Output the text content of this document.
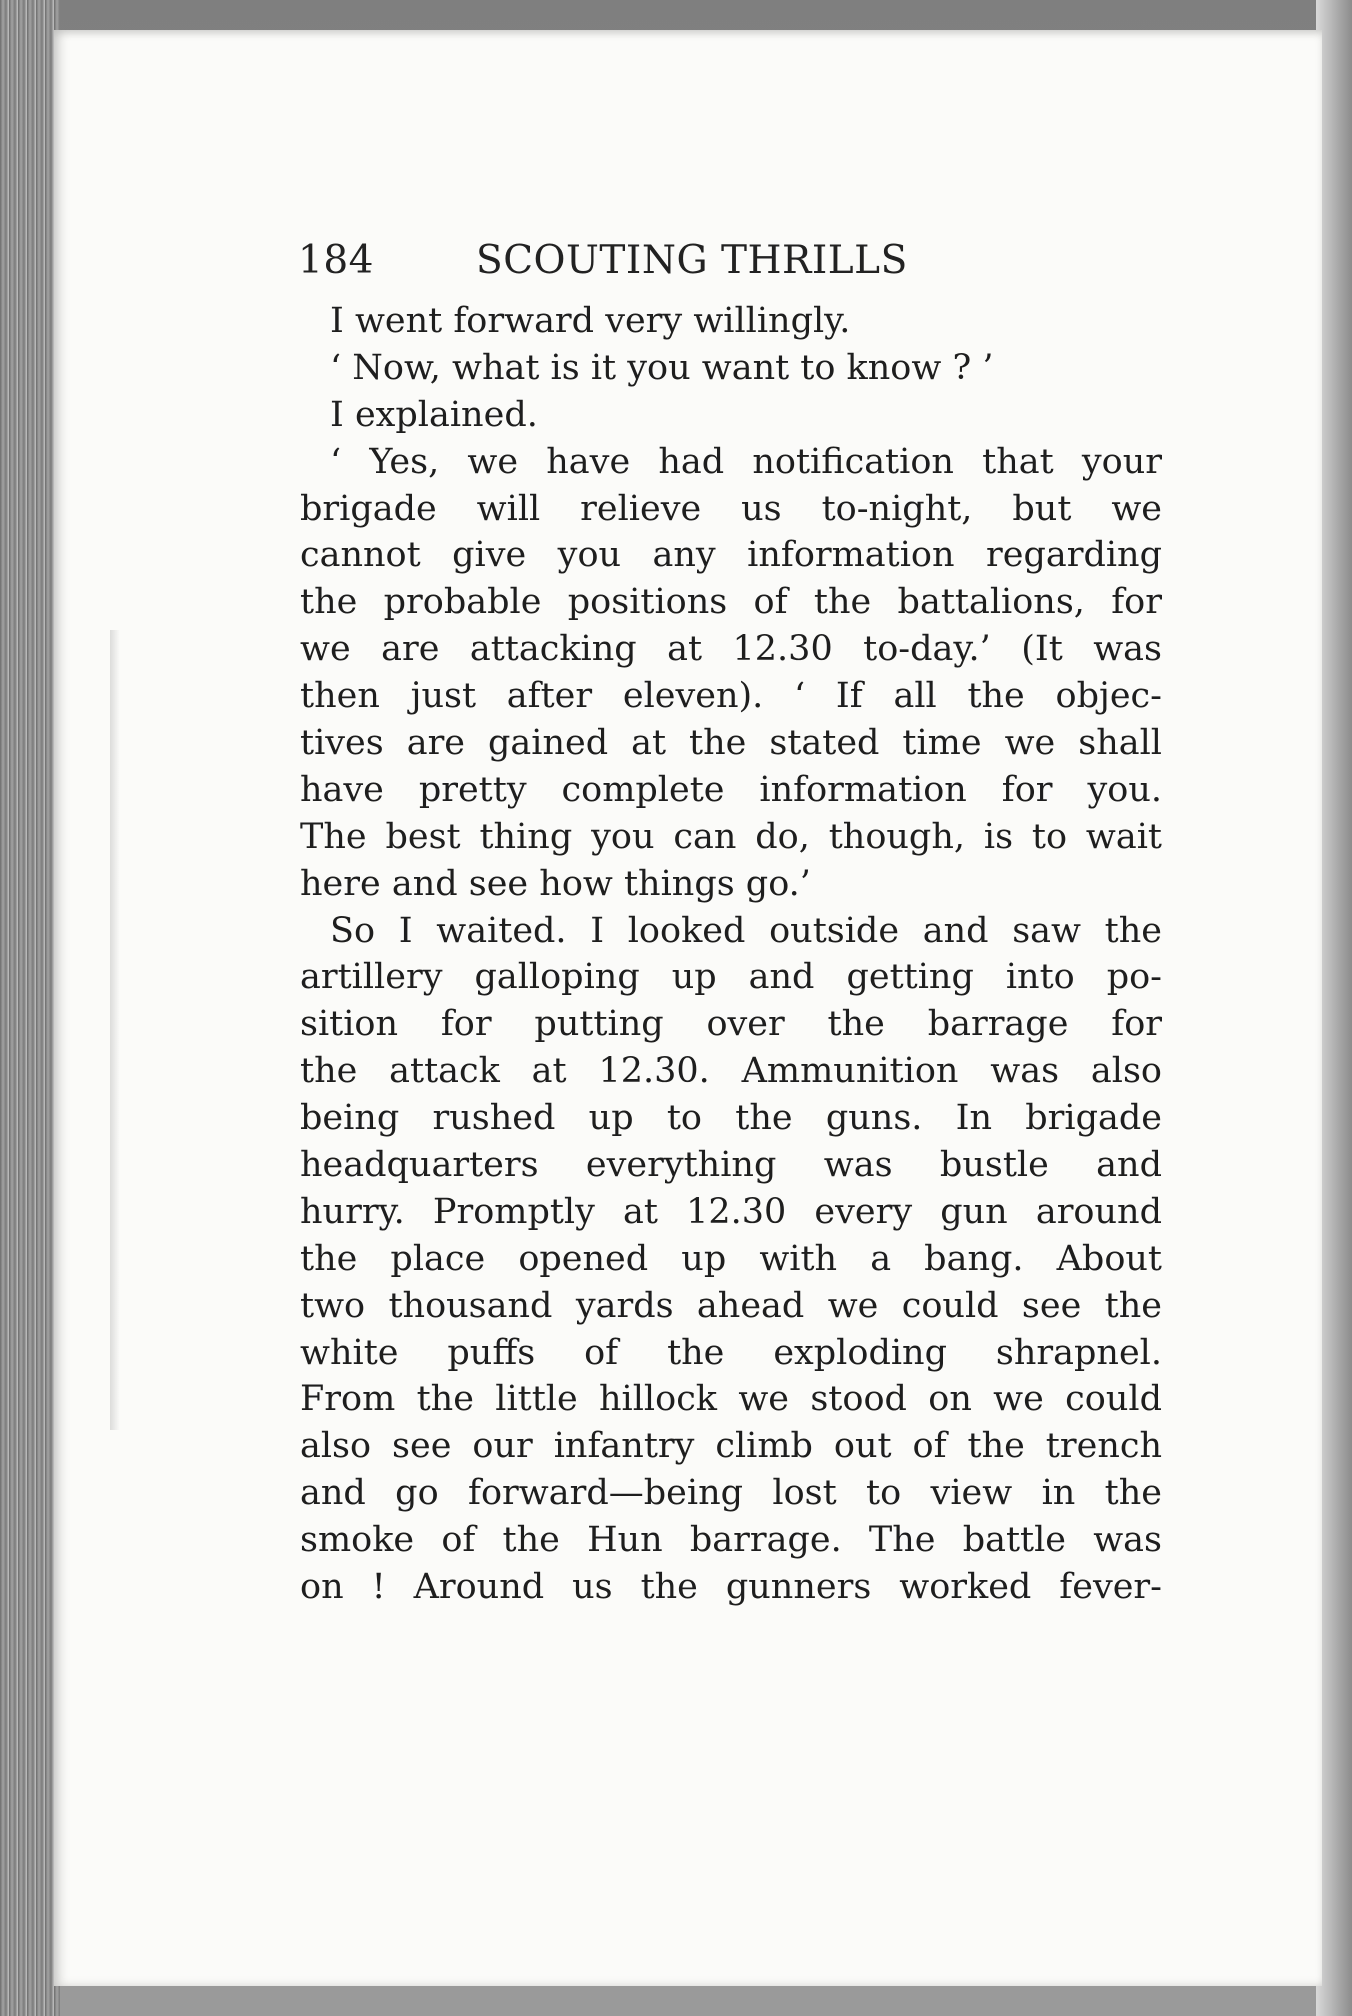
184	SCOUTING THRILLS
I went forward very willingly.
‘ Now, what is it you want to know ? ’
I explained.
‘ Yes, we have had notification that your
brigade will relieve us to-night, but we
cannot give you any information regarding
the probable positions of the battalions, for
we are attacking at 12.30 to-day.’ (It was
then just after eleven). ‘ If all the objec-
tives are gained at the stated time we shall
have pretty complete information for you.
The best thing you can do, though, is to wait
here and see how things go.’
So I waited. I looked outside and saw the
artillery galloping up and getting into po-
sition for putting over the barrage for
the attack at 12.30. Ammunition was also
being rushed up to the guns. In brigade
headquarters everything was bustle and
hurry. Promptly at 12.30 every gun around
the place opened up with a bang. About
two thousand yards ahead we could see the
white puffs of the exploding shrapnel.
From the little hillock we stood on we could
also see our infantry climb out of the trench
and go forward—being lost to view in the
smoke of the Hun barrage. The battle was
on ! Around us the gunners worked fever-
